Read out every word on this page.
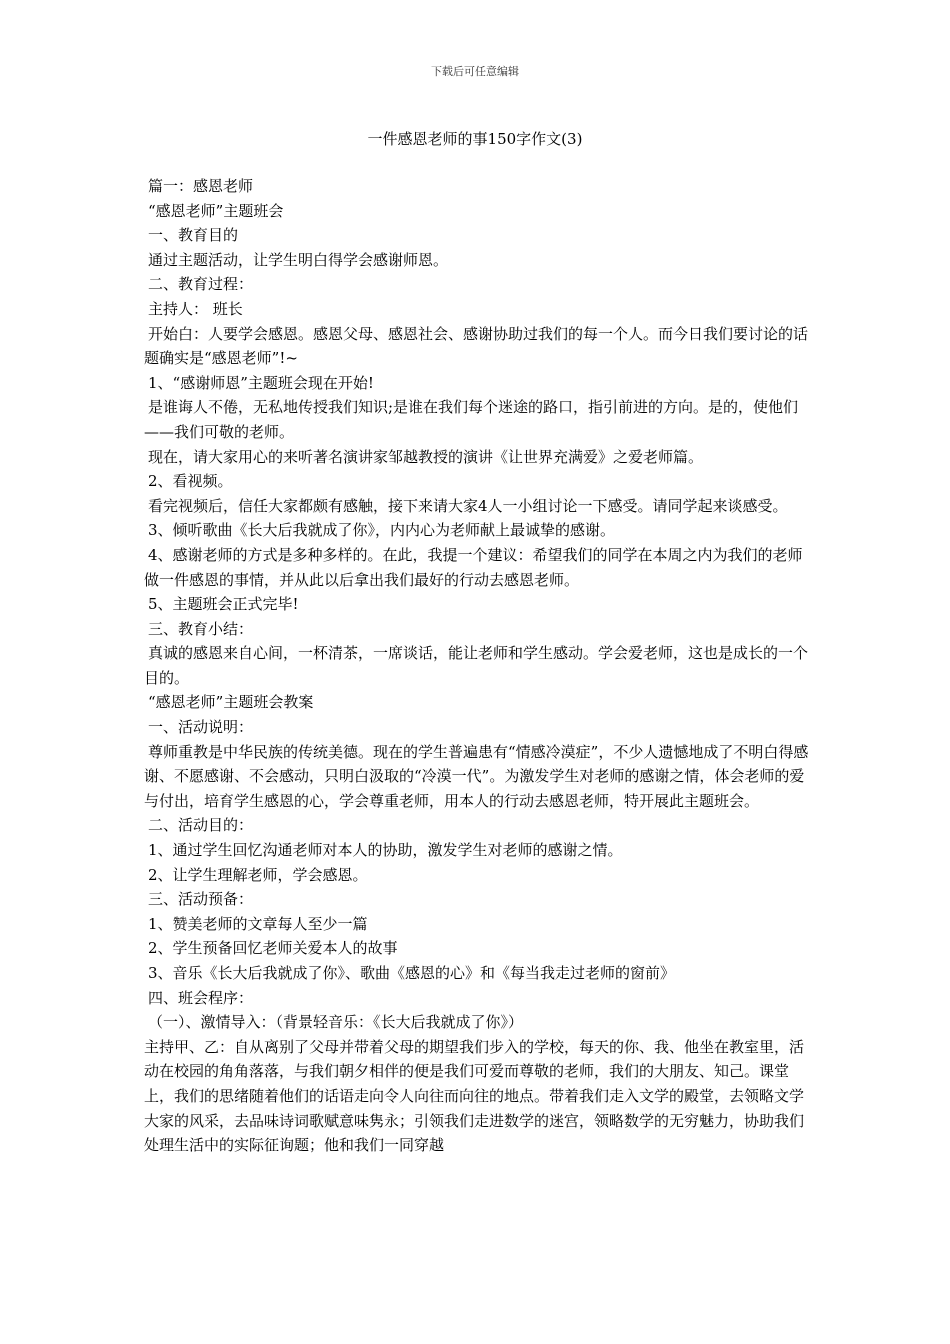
下载后可任意编辑
一件感恩老师的事150字作文(3)

篇一：感恩老师

“感恩老师”主题班会

一、教育目的

通过主题活动，让学生明白得学会感谢师恩。

二、教育过程：

主持人： 班长

开始白：人要学会感恩。感恩父母、感恩社会、感谢协助过我们的每一个人。而今日我们要讨论的话题确实是“感恩老师”!~

1、“感谢师恩”主题班会现在开始!

是谁诲人不倦，无私地传授我们知识;是谁在我们每个迷途的路口，指引前进的方向。是的，使他们——我们可敬的老师。

现在，请大家用心的来听著名演讲家邹越教授的演讲《让世界充满爱》之爱老师篇。

2、看视频。

看完视频后，信任大家都颇有感触，接下来请大家4人一小组讨论一下感受。请同学起来谈感受。

3、倾听歌曲《长大后我就成了你》，内内心为老师献上最诚挚的感谢。

4、感谢老师的方式是多种多样的。在此，我提一个建议：希望我们的同学在本周之内为我们的老师做一件感恩的事情，并从此以后拿出我们最好的行动去感恩老师。

5、主题班会正式完毕!

三、教育小结：

真诚的感恩来自心间，一杯清茶，一席谈话，能让老师和学生感动。学会爱老师，这也是成长的一个目的。

“感恩老师”主题班会教案

一、活动说明：

尊师重教是中华民族的传统美德。现在的学生普遍患有“情感冷漠症”，不少人遗憾地成了不明白得感谢、不愿感谢、不会感动，只明白汲取的“冷漠一代”。为激发学生对老师的感谢之情，体会老师的爱与付出，培育学生感恩的心，学会尊重老师，用本人的行动去感恩老师，特开展此主题班会。

二、活动目的：

1、通过学生回忆沟通老师对本人的协助，激发学生对老师的感谢之情。

2、让学生理解老师，学会感恩。

三、活动预备：

1、赞美老师的文章每人至少一篇

2、学生预备回忆老师关爱本人的故事

3、音乐《长大后我就成了你》、歌曲《感恩的心》和《每当我走过老师的窗前》

四、班会程序：

（一）、激情导入：（背景轻音乐：《长大后我就成了你》）

主持甲、乙：自从离别了父母并带着父母的期望我们步入的学校，每天的你、我、他坐在教室里，活动在校园的角角落落，与我们朝夕相伴的便是我们可爱而尊敬的老师，我们的大朋友、知己。课堂上，我们的思绪随着他们的话语走向令人向往而向往的地点。带着我们走入文学的殿堂，去领略文学大家的风采，去品味诗词歌赋意味隽永；引领我们走进数学的迷宫，领略数学的无穷魅力，协助我们处理生活中的实际征询题；他和我们一同穿越
